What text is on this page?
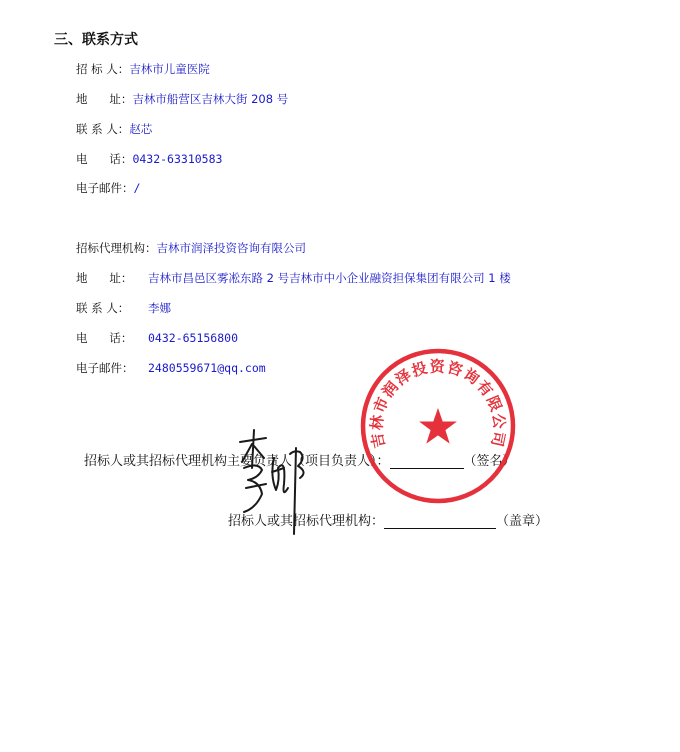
三、联系方式
招 标 人：吉林市儿童医院
地      址：吉林市船营区吉林大街 208 号
联 系 人：赵芯
电      话：0432-63310583
电子邮件：/
招标代理机构：吉林市润泽投资咨询有限公司
地      址： 吉林市昌邑区雾凇东路 2 号吉林市中小企业融资担保集团有限公司 1 楼
联 系 人： 李娜
电      话： 0432-65156800
电子邮件： 2480559671@qq.com
招标人或其招标代理机构主要负责人（项目负责人）：	（签名）
招标人或其招标代理机构：	（盖章）
吉林市润泽投资咨询有限公司
